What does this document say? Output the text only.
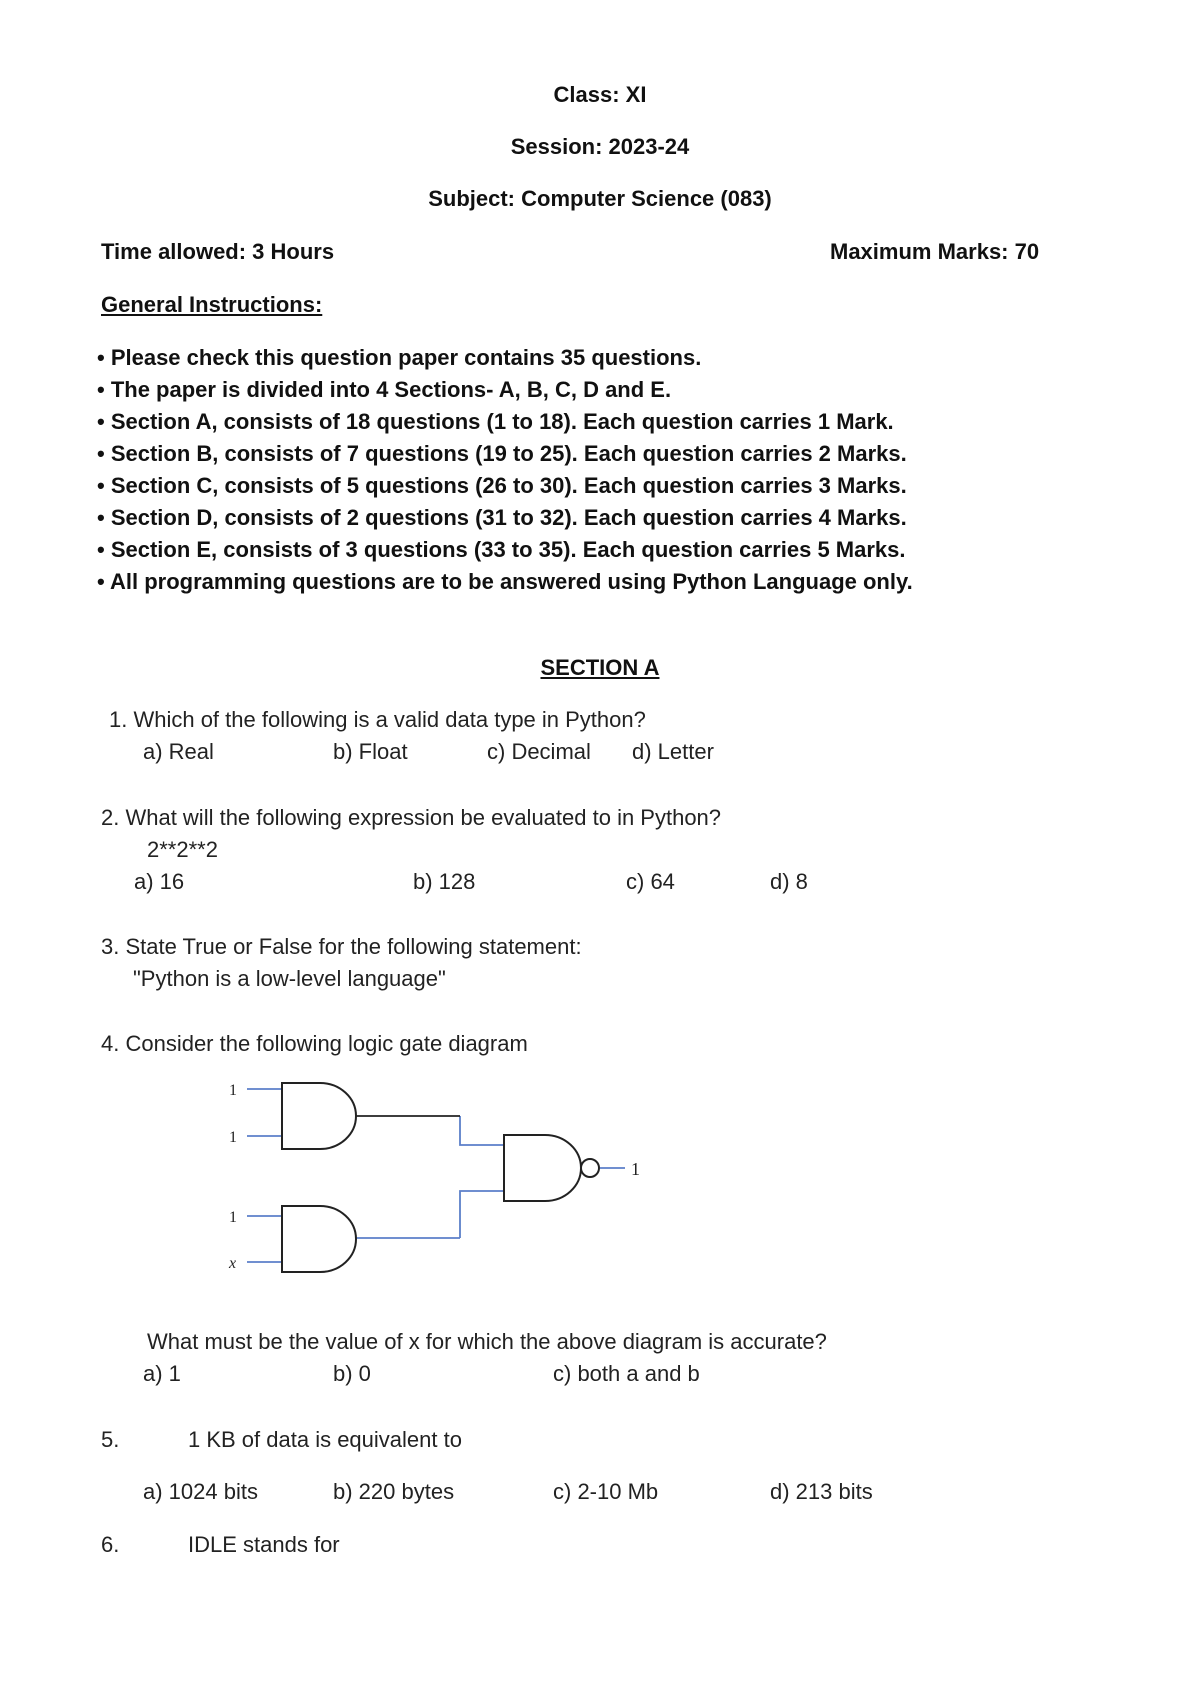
Class: XI
Session: 2023-24
Subject: Computer Science (083)
Time allowed: 3 Hours	Maximum Marks: 70
General Instructions:
• Please check this question paper contains 35 questions.
• The paper is divided into 4 Sections- A, B, C, D and E.
• Section A, consists of 18 questions (1 to 18). Each question carries 1 Mark.
• Section B, consists of 7 questions (19 to 25). Each question carries 2 Marks.
• Section C, consists of 5 questions (26 to 30). Each question carries 3 Marks.
• Section D, consists of 2 questions (31 to 32). Each question carries 4 Marks.
• Section E, consists of 3 questions (33 to 35). Each question carries 5 Marks.
• All programming questions are to be answered using Python Language only.
SECTION A
1. Which of the following is a valid data type in Python?
a) Real	b) Float	c) Decimal d) Letter
2. What will the following expression be evaluated to in Python?
2**2**2
a) 16	b) 128	c) 64	d) 8
3. State True or False for the following statement:
"Python is a low-level language"
4. Consider the following logic gate diagram
1
1
1
x
1
What must be the value of x for which the above diagram is accurate?
a) 1	b) 0	c) both a and b
5.	1 KB of data is equivalent to
a) 1024 bits	b) 220 bytes	c) 2-10 Mb	d) 213 bits
6.	IDLE stands for
